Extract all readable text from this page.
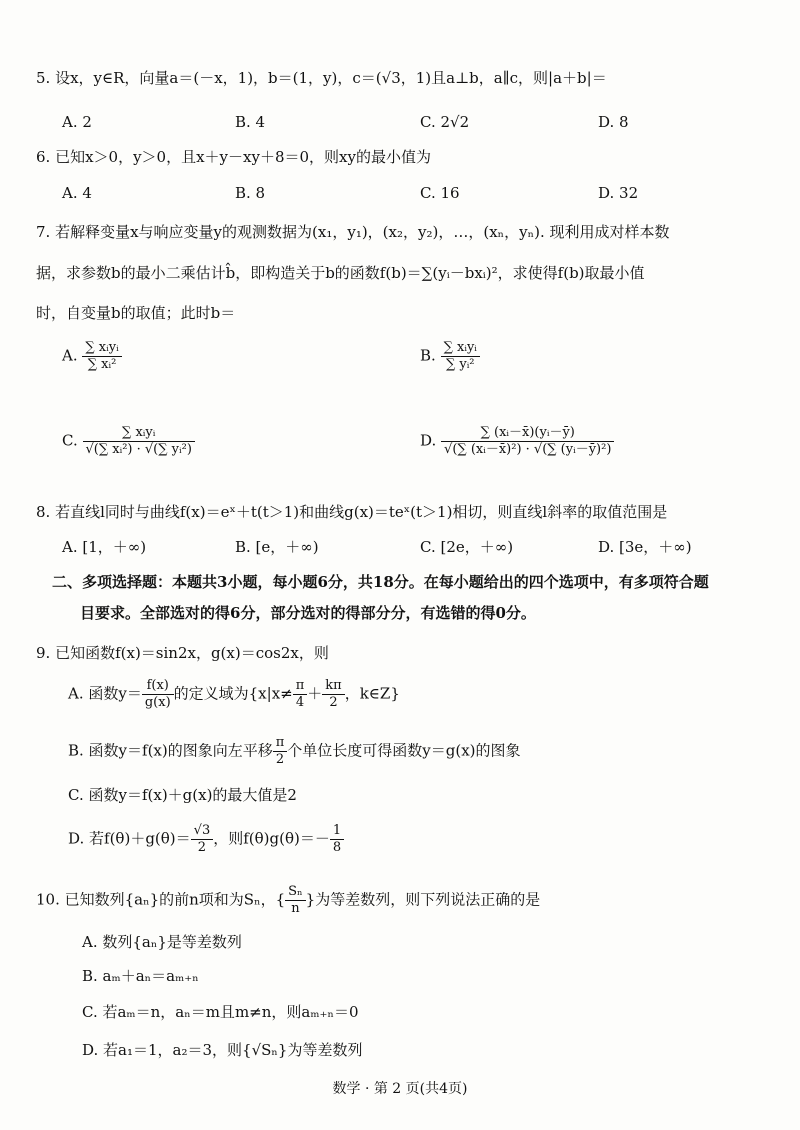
5. 设x，y∈R，向量a＝(－x，1)，b＝(1，y)，c＝(√3，1)且a⊥b，a∥c，则|a＋b|＝
A. 2	B. 4	C. 2√2	D. 8
6. 已知x＞0，y＞0，且x＋y－xy＋8＝0，则xy的最小值为
A. 4	B. 8	C. 16	D. 32
7. 若解释变量x与响应变量y的观测数据为(x₁，y₁)，(x₂，y₂)，…，(xₙ，yₙ). 现利用成对样本数
据，求参数b的最小二乘估计b̂，即构造关于b的函数f(b)＝∑(yᵢ－bxᵢ)²，求使得f(b)取最小值
时，自变量b的取值；此时b＝
A. $\frac{\text{∑ xᵢyᵢ}}{\text{∑ xᵢ²}}$	B. $\frac{\text{∑ xᵢyᵢ}}{\text{∑ yᵢ²}}$
C. $\frac{\text{∑ xᵢyᵢ}}{\text{√(∑ xᵢ²) · √(∑ yᵢ²)}}$	D. $\frac{\text{∑ (xᵢ－x̄)(yᵢ－ȳ)}}{\text{√(∑ (xᵢ－x̄)²) · √(∑ (yᵢ－ȳ)²)}}$
8. 若直线l同时与曲线f(x)＝eˣ＋t(t＞1)和曲线g(x)＝teˣ(t＞1)相切，则直线l斜率的取值范围是
A. [1，＋∞)	B. [e，＋∞)	C. [2e，＋∞)	D. [3e，＋∞)
二、多项选择题：本题共3小题，每小题6分，共18分。在每小题给出的四个选项中，有多项符合题
目要求。全部选对的得6分，部分选对的得部分分，有选错的得0分。
9. 已知函数f(x)＝sin2x，g(x)＝cos2x，则
A. 函数$y= \frac{f(x)}{g(x)}$ 的定义域为{$x|x\ne \frac{\pi}{4} + \frac{k\pi}{2}$ ，k∈Z}
B. 函数y＝f(x)的图象向左平移 $\frac{\pi}{2}$ 个单位长度可得函数y＝g(x)的图象
C. 函数y＝f(x)＋g(x)的最大值是2
D. 若$f(\theta)+g(\theta)= \frac{√3}{2}$ ，则$f(\theta)g(\theta)=- \frac{1}{8}$
10. 已知数列{aₙ}的前n项和为Sₙ，{ $\frac{\text{Sₙ}}{n}$ }为等差数列，则下列说法正确的是
A. 数列{aₙ}是等差数列
B. aₘ＋aₙ＝aₘ₊ₙ
C. 若aₘ＝n，aₙ＝m且m≠n，则aₘ₊ₙ＝0
D. 若a₁＝1，a₂＝3，则{√Sₙ}为等差数列
数学 · 第 2 页(共4页)
